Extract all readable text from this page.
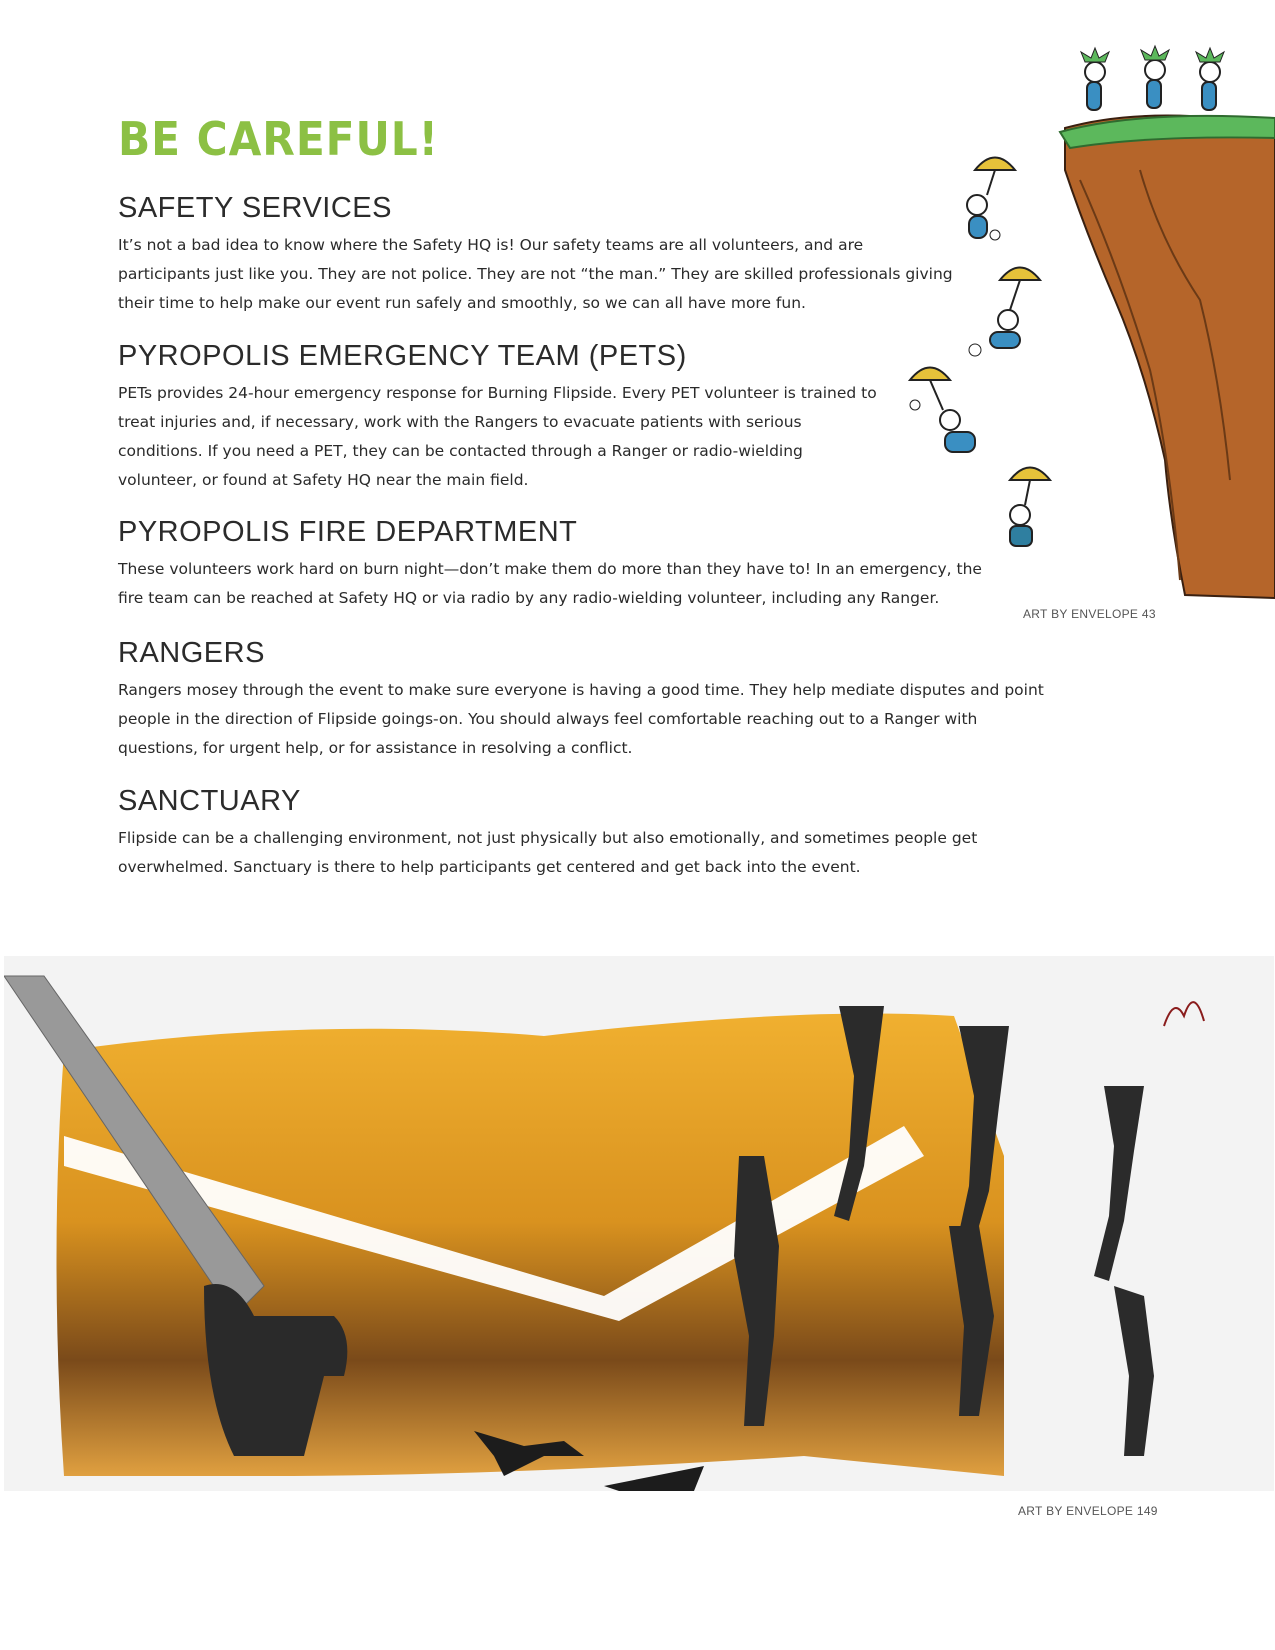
BE CAREFUL!
SAFETY SERVICES

It’s not a bad idea to know where the Safety HQ is! Our safety teams are all volunteers, and are participants just like you. They are not police. They are not “the man.” They are skilled professionals giving their time to help make our event run safely and smoothly, so we can all have more fun.

PYROPOLIS EMERGENCY TEAM (PETS)

PETs provides 24-hour emergency response for Burning Flipside. Every PET volunteer is trained to treat injuries and, if necessary, work with the Rangers to evacuate patients with serious conditions. If you need a PET, they can be contacted through a Ranger or radio-wielding volunteer, or found at Safety HQ near the main field.

PYROPOLIS FIRE DEPARTMENT

These volunteers work hard on burn night—don’t make them do more than they have to! In an emergency, the fire team can be reached at Safety HQ or via radio by any radio-wielding volunteer, including any Ranger.

RANGERS

Rangers mosey through the event to make sure everyone is having a good time. They help mediate disputes and point people in the direction of Flipside goings-on. You should always feel comfortable reaching out to a Ranger with questions, for urgent help, or for assistance in resolving a conflict.

SANCTUARY

Flipside can be a challenging environment, not just physically but also emotionally, and sometimes people get overwhelmed. Sanctuary is there to help participants get centered and get back into the event.

ART BY ENVELOPE 43
ART BY ENVELOPE 149
